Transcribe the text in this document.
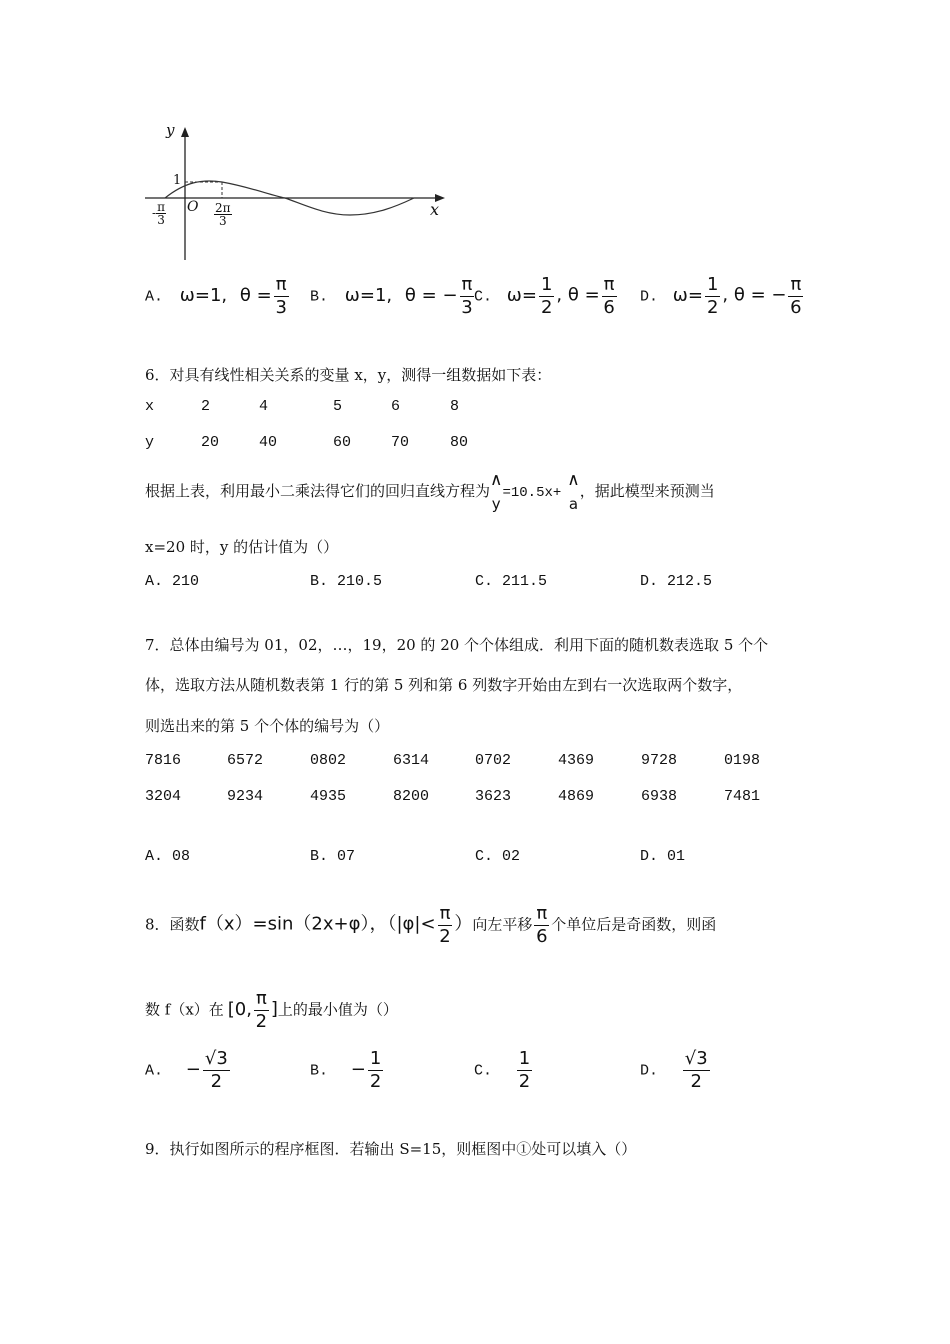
y
x
O
1
- $\frac{\pi}{3}$	$\frac{2\pi}{3}$
A. ω=1, $\theta = \frac{\pi}{3} B$. ω=1, θ = − $\frac{\pi}{3} C$. $\omega= \frac{1}{2}$ , $\theta = \frac{\pi}{6} D$. $\omega= \frac{1}{2}$ , θ = − $\frac{\pi}{6}$
6．对具有线性相关关系的变量 x，y，测得一组数据如下表：
x	2	4	5	6	8
y	20	40	60	70	80
根据上表，利用最小二乘法得它们的回归直线方程为
∧
y
=10.5x+
∧
a
，据此模型来预测当
x=20 时，y 的估计值为（）
A. 210	B. 210.5	C. 211.5	D. 212.5
7．总体由编号为 01，02，…，19，20 的 20 个个体组成．利用下面的随机数表选取 5 个个
体，选取方法从随机数表第 1 行的第 5 列和第 6 列数字开始由左到右一次选取两个数字，
则选出来的第 5 个个体的编号为（）
7816	6572	0802	6314	0702	4369	9728	0198
3204	9234	4935	8200	3623	4869	6938	7481
A. 08	B. 07	C. 02	D. 01
8．函数f（x）=sin（2x+φ），（$|\varphi|< \frac{\pi}{2}$ ）向左平移 $\frac{\pi}{6}$ 个单位后是奇函数，则函
数 f（x）在 [0, $\frac{\pi}{2}$ ]上的最小值为（）
A. − $\frac{√3}{2}$	B. − $\frac{1}{2}$	C. $\frac{1}{2}$	D. $\frac{√3}{2}$
9．执行如图所示的程序框图．若输出 S=15，则框图中①处可以填入（）
